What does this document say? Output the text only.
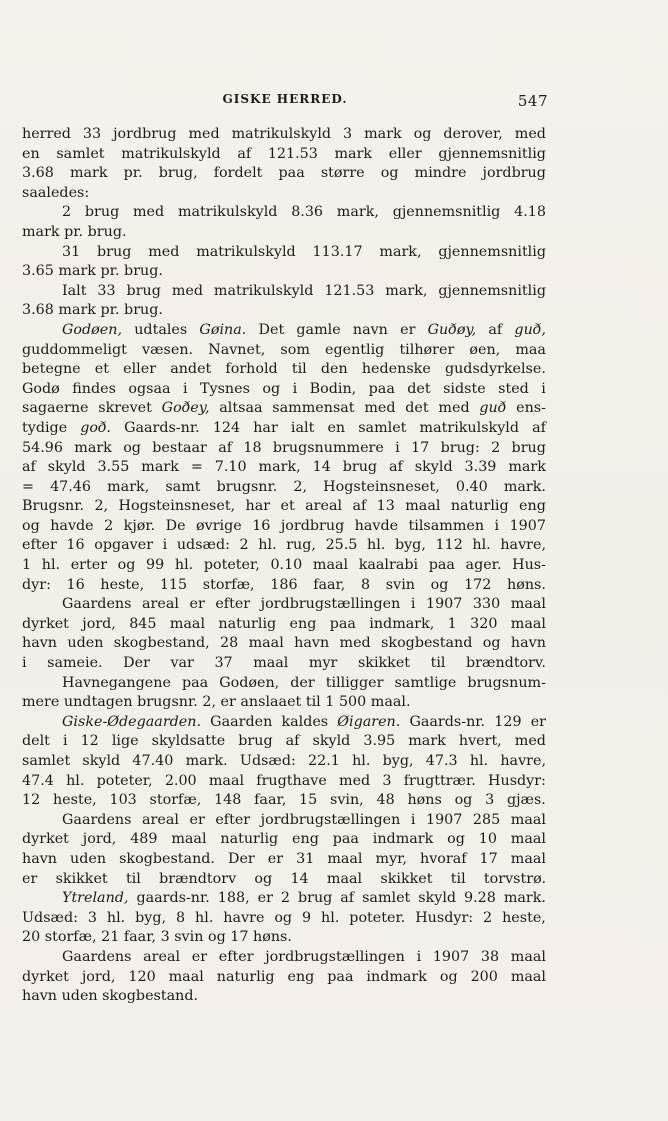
GISKE HERRED.	547
herred 33 jordbrug med matrikulskyld 3 mark og derover, med
en samlet matrikulskyld af 121.53 mark eller gjennemsnitlig
3.68 mark pr. brug, fordelt paa større og mindre jordbrug
saaledes:
2 brug med matrikulskyld 8.36 mark, gjennemsnitlig 4.18
mark pr. brug.
31 brug med matrikulskyld 113.17 mark, gjennemsnitlig
3.65 mark pr. brug.
Ialt 33 brug med matrikulskyld 121.53 mark, gjennemsnitlig
3.68 mark pr. brug.
Godøen, udtales Gøina. Det gamle navn er Guðøy, af guð,
guddommeligt væsen. Navnet, som egentlig tilhører øen, maa
betegne et eller andet forhold til den hedenske gudsdyrkelse.
Godø findes ogsaa i Tysnes og i Bodin, paa det sidste sted i
sagaerne skrevet Goðey, altsaa sammensat med det med guð ens-
tydige goð. Gaards-nr. 124 har ialt en samlet matrikulskyld af
54.96 mark og bestaar af 18 brugsnummere i 17 brug: 2 brug
af skyld 3.55 mark = 7.10 mark, 14 brug af skyld 3.39 mark
= 47.46 mark, samt brugsnr. 2, Hogsteinsneset, 0.40 mark.
Brugsnr. 2, Hogsteinsneset, har et areal af 13 maal naturlig eng
og havde 2 kjør. De øvrige 16 jordbrug havde tilsammen i 1907
efter 16 opgaver i udsæd: 2 hl. rug, 25.5 hl. byg, 112 hl. havre,
1 hl. erter og 99 hl. poteter, 0.10 maal kaalrabi paa ager. Hus-
dyr: 16 heste, 115 storfæ, 186 faar, 8 svin og 172 høns.
Gaardens areal er efter jordbrugstællingen i 1907 330 maal
dyrket jord, 845 maal naturlig eng paa indmark, 1 320 maal
havn uden skogbestand, 28 maal havn med skogbestand og havn
i sameie. Der var 37 maal myr skikket til brændtorv.
Havnegangene paa Godøen, der tilligger samtlige brugsnum-
mere undtagen brugsnr. 2, er anslaaet til 1 500 maal.
Giske-Ødegaarden. Gaarden kaldes Øigaren. Gaards-nr. 129 er
delt i 12 lige skyldsatte brug af skyld 3.95 mark hvert, med
samlet skyld 47.40 mark. Udsæd: 22.1 hl. byg, 47.3 hl. havre,
47.4 hl. poteter, 2.00 maal frugthave med 3 frugttrær. Husdyr:
12 heste, 103 storfæ, 148 faar, 15 svin, 48 høns og 3 gjæs.
Gaardens areal er efter jordbrugstællingen i 1907 285 maal
dyrket jord, 489 maal naturlig eng paa indmark og 10 maal
havn uden skogbestand. Der er 31 maal myr, hvoraf 17 maal
er skikket til brændtorv og 14 maal skikket til torvstrø.
Ytreland, gaards-nr. 188, er 2 brug af samlet skyld 9.28 mark.
Udsæd: 3 hl. byg, 8 hl. havre og 9 hl. poteter. Husdyr: 2 heste,
20 storfæ, 21 faar, 3 svin og 17 høns.
Gaardens areal er efter jordbrugstællingen i 1907 38 maal
dyrket jord, 120 maal naturlig eng paa indmark og 200 maal
havn uden skogbestand.
